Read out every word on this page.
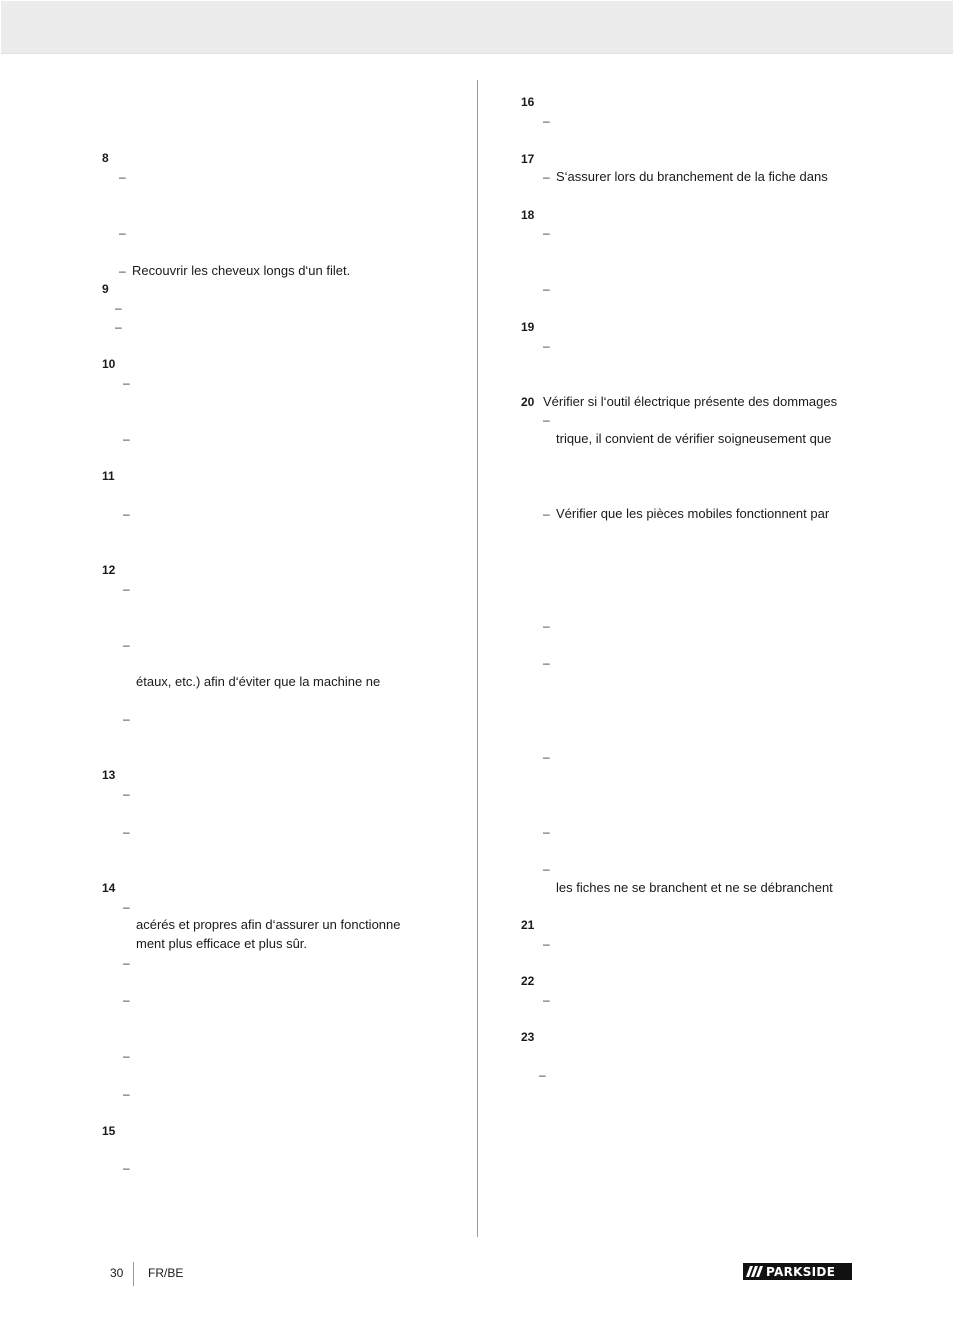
8
–
–
– Recouvrir les cheveux longs d‘un filet.
9
–
–
10
–
–
11
–
12
–
–
étaux, etc.) afin d‘éviter que la machine ne
–
13
–
–
14
–
acérés et propres afin d‘assurer un fonctionne
ment plus efficace et plus sûr.
–
–
–
–
15
–
16
–
17
– S‘assurer lors du branchement de la fiche dans
18
–
–
19
–
20 Vérifier si l‘outil électrique présente des dommages
–
trique, il convient de vérifier soigneusement que
– Vérifier que les pièces mobiles fonctionnent par
–
–
–
–
–
les fiches ne se branchent et ne se débranchent
21
–
22
–
23
–
30 FR/BE	PARKSIDE
